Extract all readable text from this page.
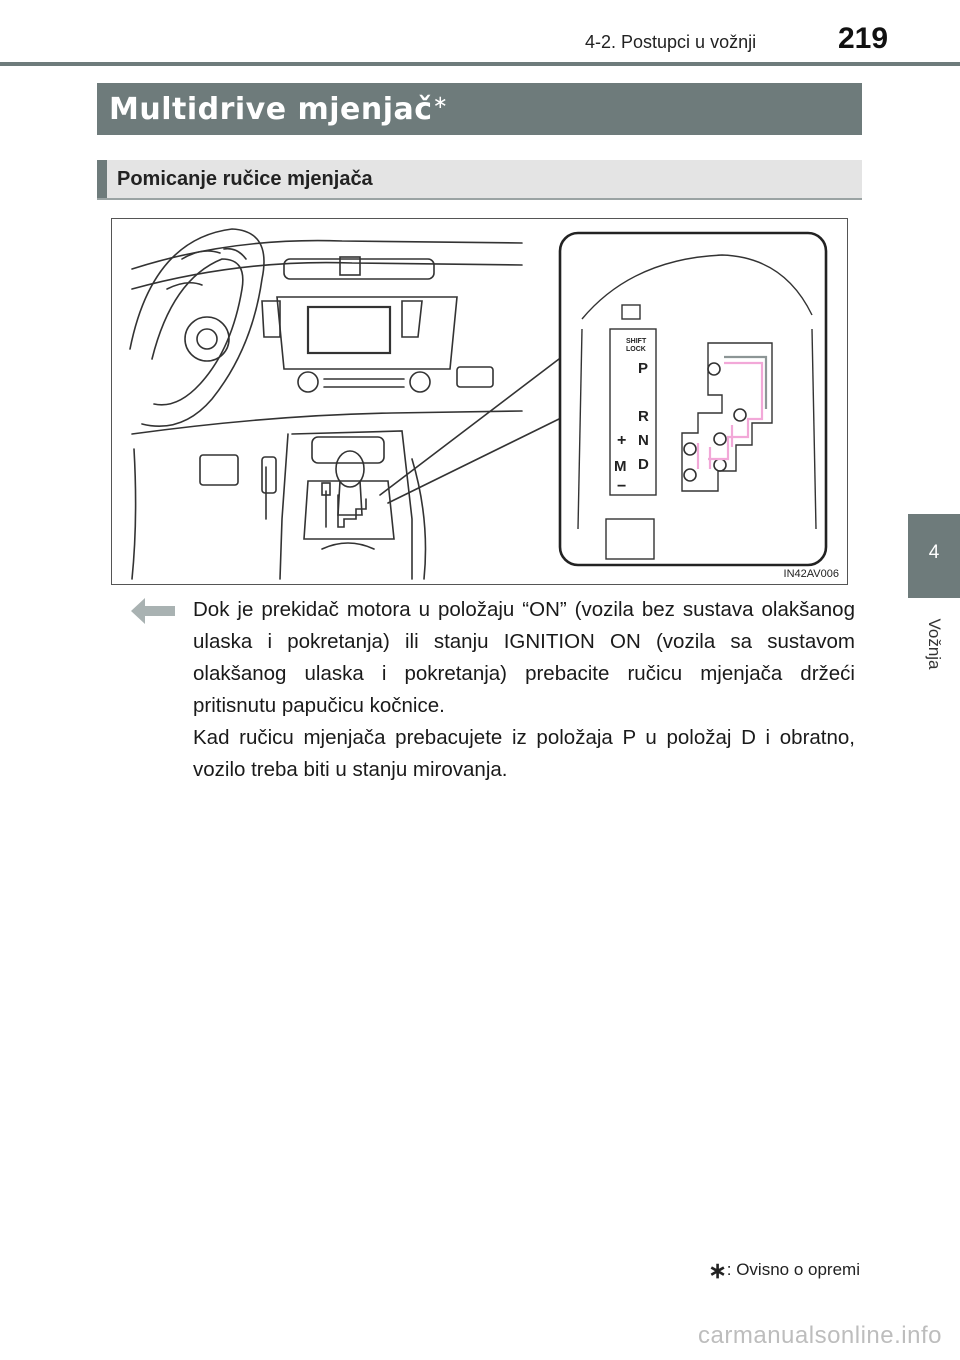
4-2. Postupci u vožnji	219
Multidrive mjenjač∗
Pomicanje ručice mjenjača
SHIFT
LOCK
P
R
N
D
M
+
−
IN42AV006

Dok je prekidač motora u položaju “ON” (vozila bez sustava olakšanog ulaska i pokretanja) ili stanju IGNITION ON (vozila sa sustavom olakšanog ulaska i pokretanja) prebacite ručicu mjenjača držeći pritisnutu papučicu kočnice.

Kad ručicu mjenjača prebacujete iz položaja P u položaj D i obratno, vozilo treba biti u stanju mirovanja.

4
Vožnja
∗: Ovisno o opremi
carmanualsonline.info
